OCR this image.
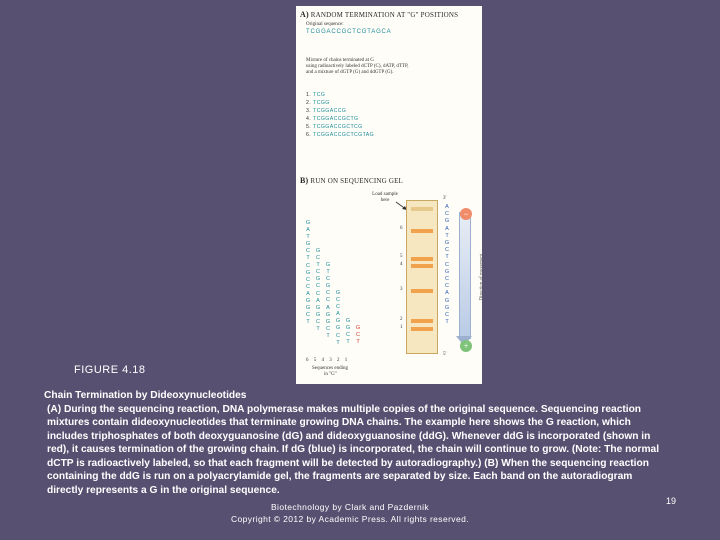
A) RANDOM TERMINATION AT "G" POSITIONS
Original sequence:
TCGGACCGCTCGTAGCA
Mixture of chains terminated at G
using radioactively labeled dCTP (C), dATP, dTTP,
and a mixture of dGTP (G) and ddGTP (G).
1. TCG
2. TCGG
3. TCGGACCG
4. TCGGACCGCTG
5. TCGGACCGCTCG
6. TCGGACCGCTCGTAG
B) RUN ON SEQUENCING GEL
Load sample here
G
A
T
G
C
T
C
G
C
C
A
G
G
C
T
G
C
T
C
G
C
C
A
G
G
C
T
G
T
C
G
C
C
A
G
G
C
T
G
C
C
A
G
G
C
T
G
G
C
T
G
C
T
6 5 4 3 2 1
Sequences ending
in "G"
6
5
4
3
2
1
3'
A
C
G
A
T
G
C
T
C
G
C
C
A
G
G
C
T
5'
Direction of movement
−
+
FIGURE 4.18
Chain Termination by Dideoxynucleotides
(A) During the sequencing reaction, DNA polymerase makes multiple copies of the original sequence. Sequencing reaction mixtures contain dideoxynucleotides that terminate growing DNA chains. The example here shows the G reaction, which includes triphosphates of both deoxyguanosine (dG) and dideoxyguanosine (ddG). Whenever ddG is incorporated (shown in red), it causes termination of the growing chain. If dG (blue) is incorporated, the chain will continue to grow. (Note: The normal dCTP is radioactively labeled, so that each fragment will be detected by autoradiography.) (B) When the sequencing reaction containing the ddG is run on a polyacrylamide gel, the fragments are separated by size. Each band on the autoradiogram directly represents a G in the original sequence.
Biotechnology by Clark and Pazdernik
Copyright © 2012 by Academic Press. All rights reserved.
19
